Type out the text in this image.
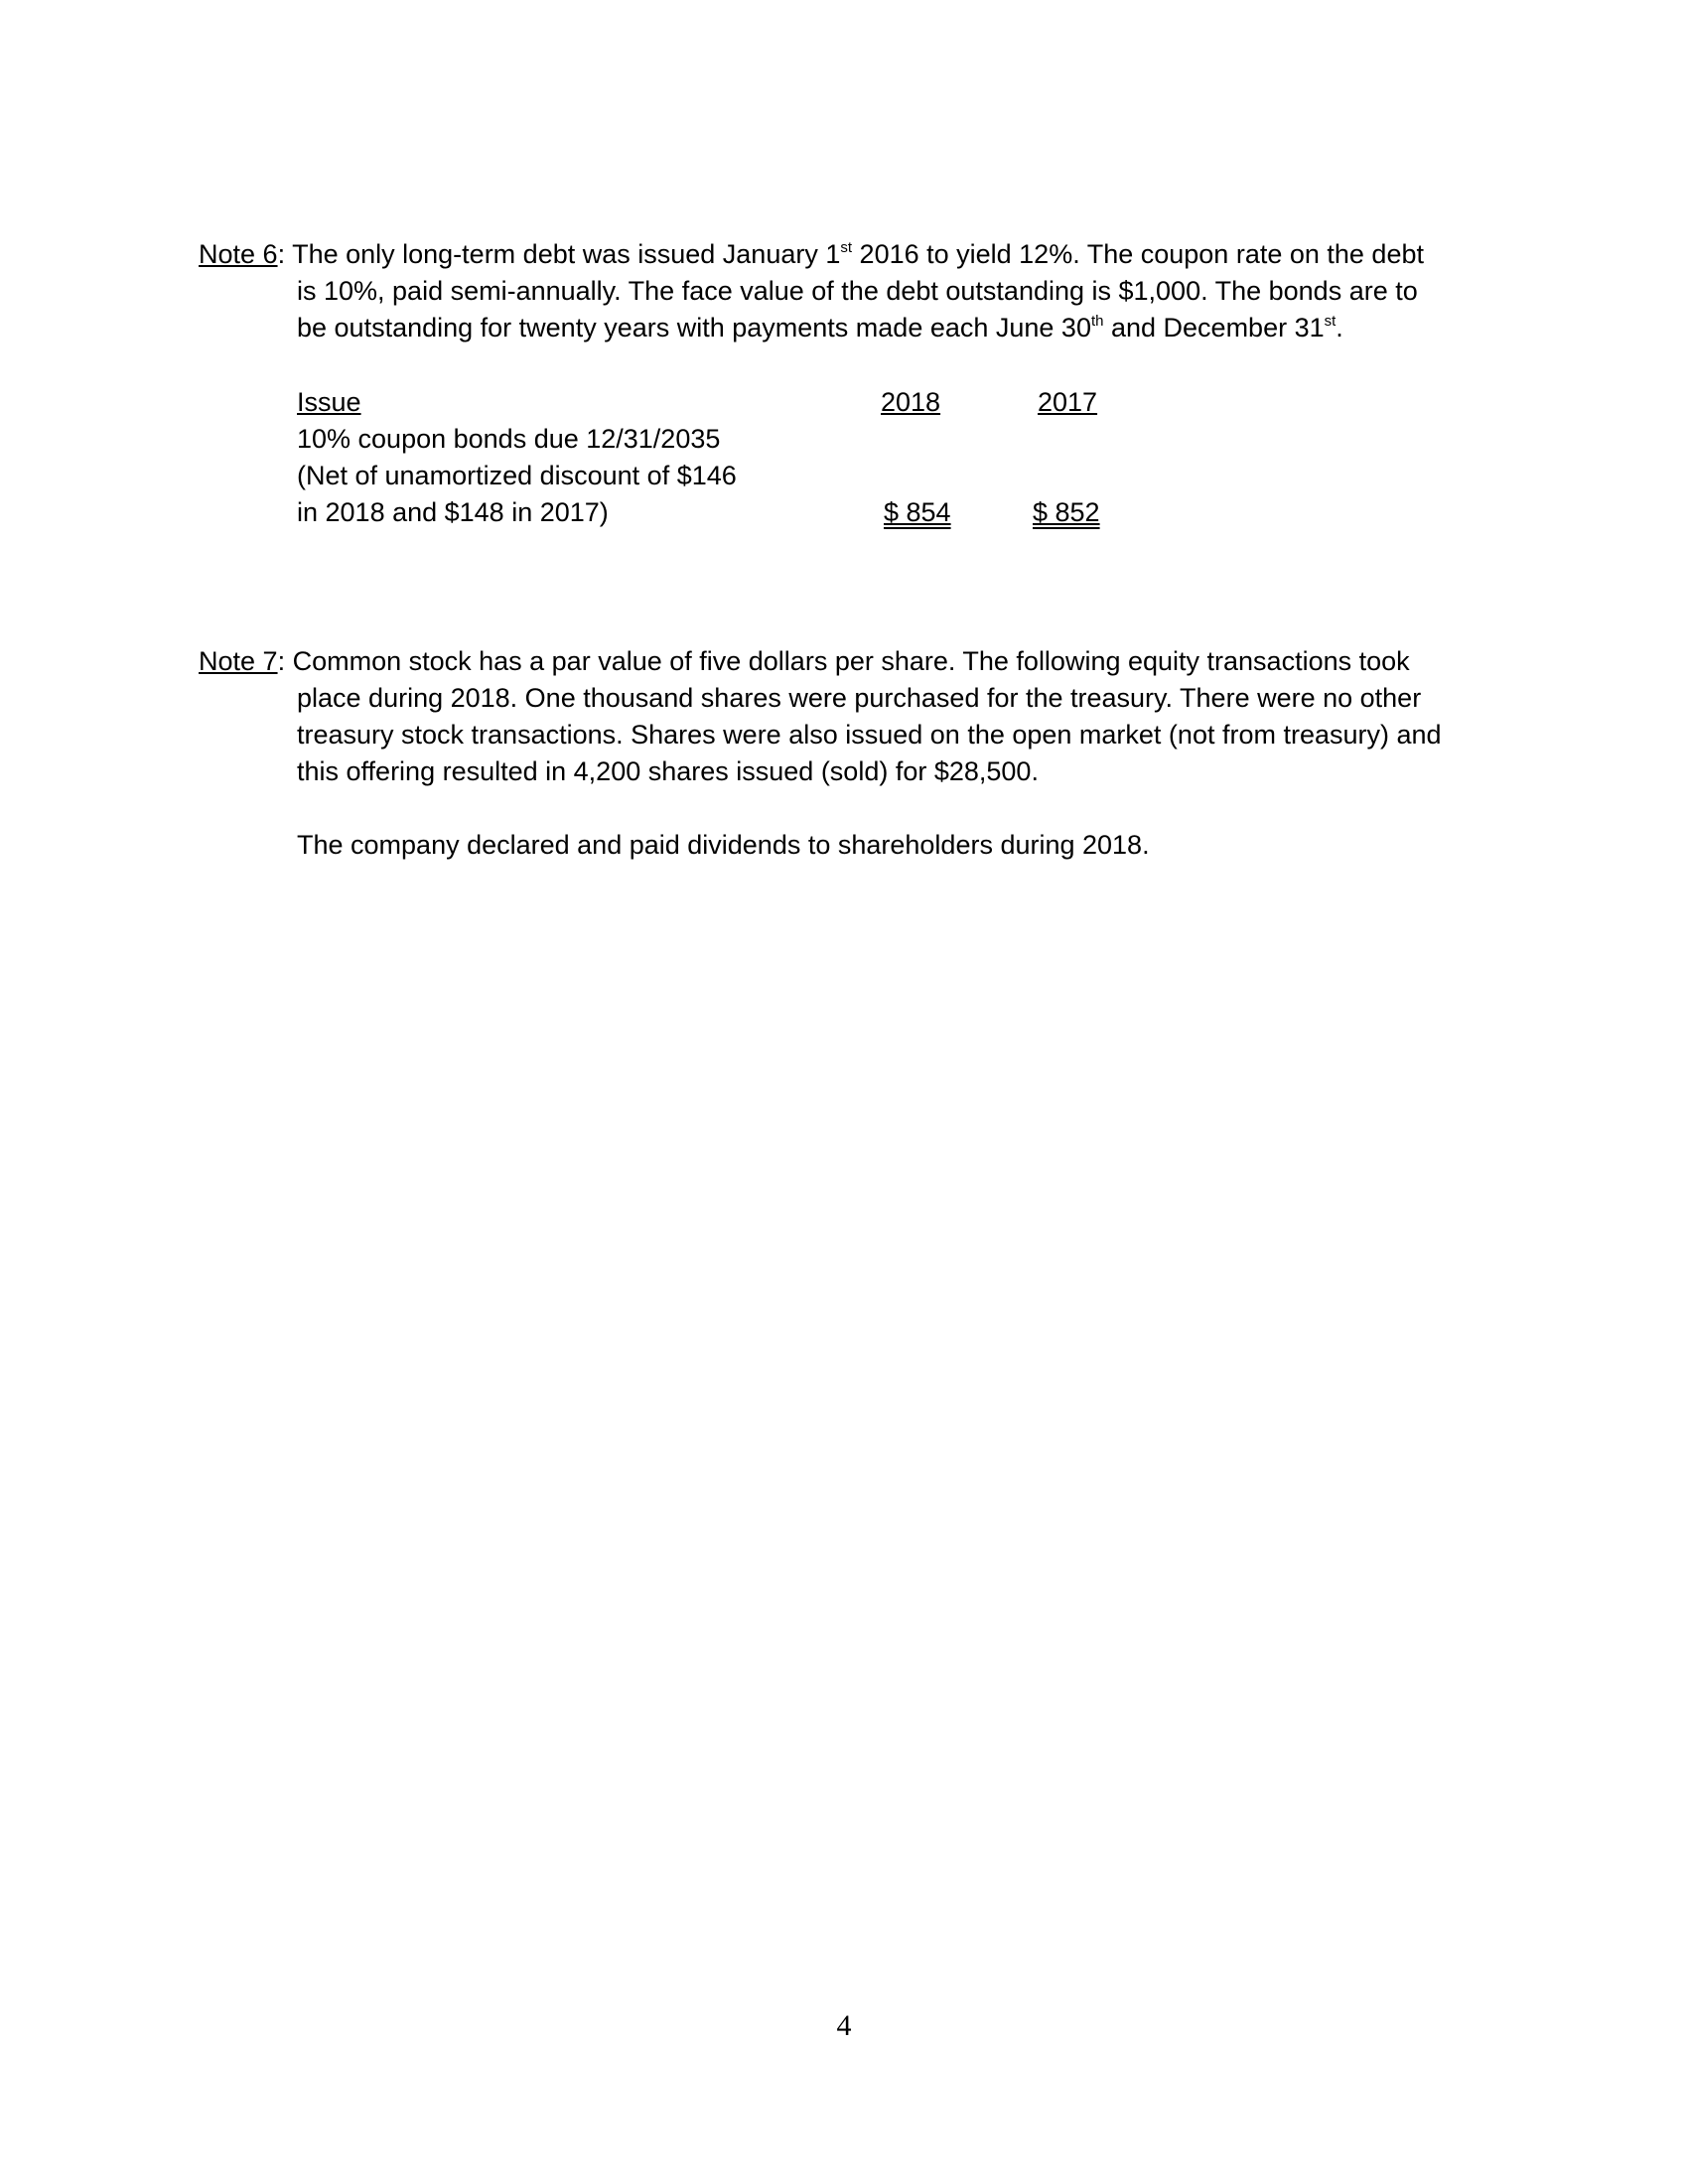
Note 6: The only long-term debt was issued January 1st 2016 to yield 12%. The coupon rate on the debt
is 10%, paid semi-annually. The face value of the debt outstanding is $1,000. The bonds are to
be outstanding for twenty years with payments made each June 30th and December 31st.
Issue	2018	2017
10% coupon bonds due 12/31/2035
(Net of unamortized discount of $146
in 2018 and $148 in 2017)	$ 854	$ 852
Note 7: Common stock has a par value of five dollars per share. The following equity transactions took
place during 2018. One thousand shares were purchased for the treasury. There were no other
treasury stock transactions. Shares were also issued on the open market (not from treasury) and
this offering resulted in 4,200 shares issued (sold) for $28,500.
The company declared and paid dividends to shareholders during 2018.
4
